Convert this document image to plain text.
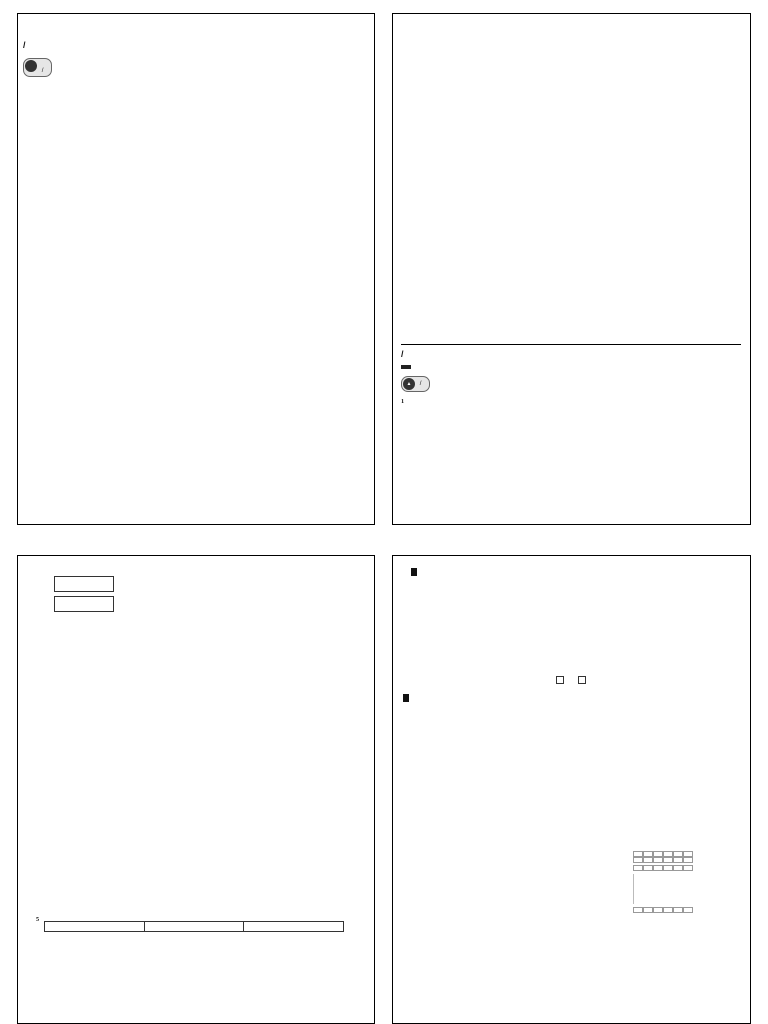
/
/
/
▲ /
1

5
